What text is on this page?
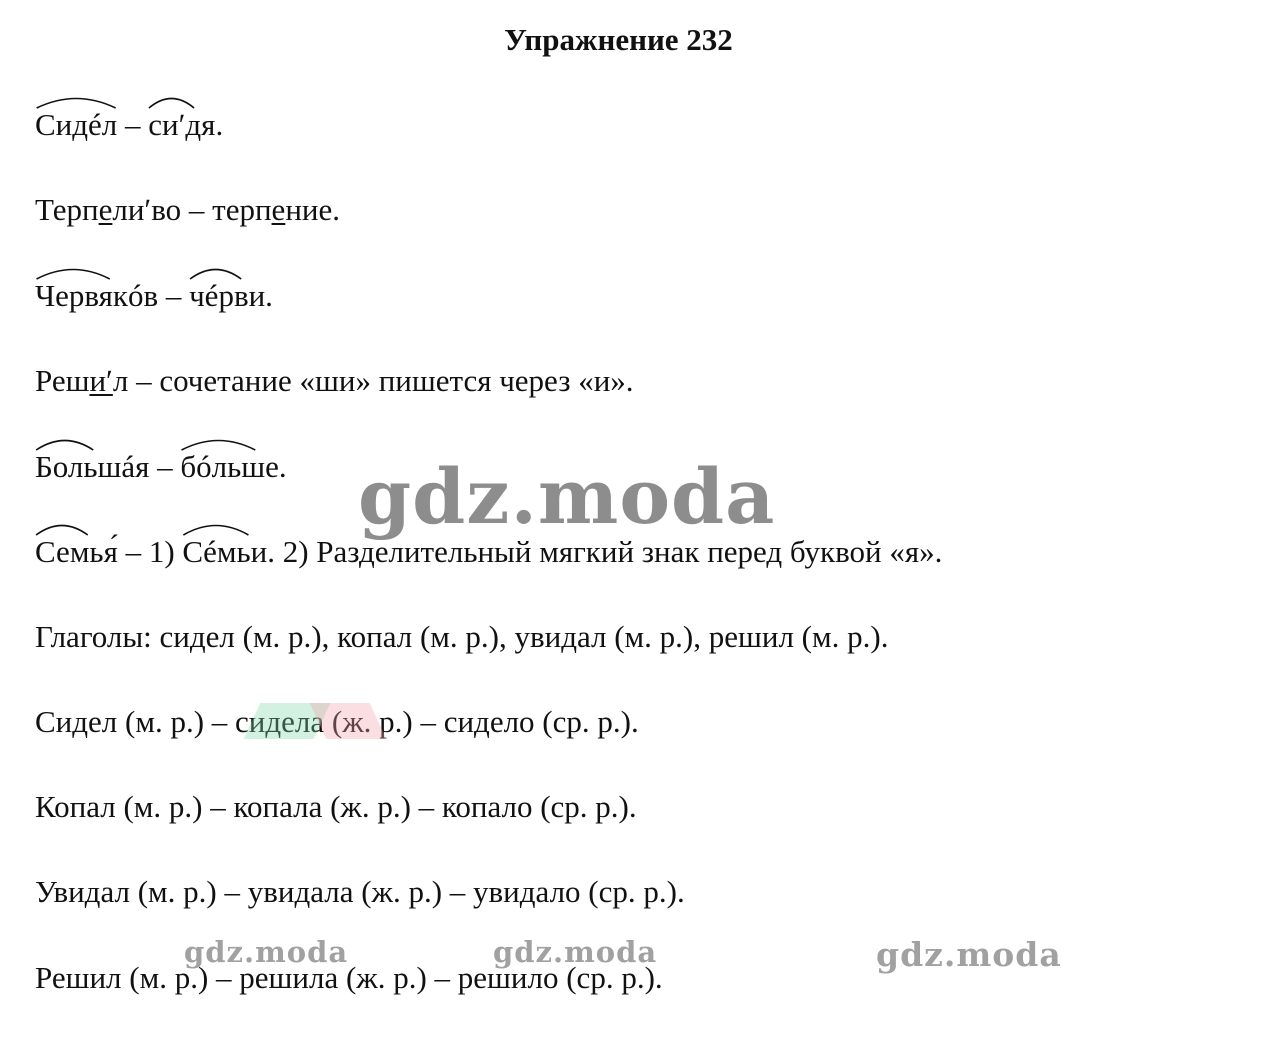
Упражнение 232
Сидéл –
сиʹдя.
Терпелиʹво – терпение.
Червякóв –
чéрви.
Решиʹл – сочетание «ши» пишется через «и».
Большáя –
бóльше.
Семья́ – 1)
Сéмьи. 2) Разделительный мягкий знак перед буквой «я».
Глаголы: сидел (м. р.), копал (м. р.), увидал (м. р.), решил (м. р.).
Сидел (м. р.) – сидела (ж. р.) – сидело (ср. р.).
Копал (м. р.) – копала (ж. р.) – копало (ср. р.).
Увидал (м. р.) – увидала (ж. р.) – увидало (ср. р.).
Решил (м. р.) – решила (ж. р.) – решило (ср. р.).
gdz.moda
gdz.moda	gdz.moda	gdz.moda
